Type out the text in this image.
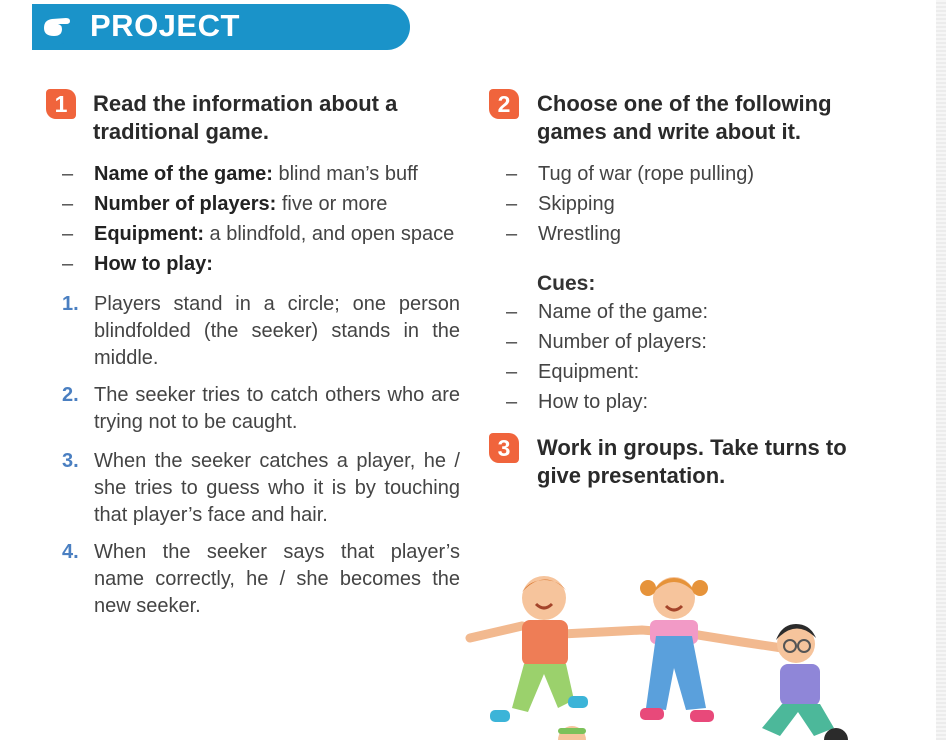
PROJECT
1	Read the information about a
traditional game.
– Name of the game: blind man’s buff
– Number of players: five or more
– Equipment: a blindfold, and open space
– How to play:
1. Players stand in a circle; one person blindfolded (the seeker) stands in the middle.
2. The seeker tries to catch others who are trying not to be caught.
3. When the seeker catches a player, he / she tries to guess who it is by touching that player’s face and hair.
4. When the seeker says that player’s name correctly, he / she becomes the new seeker.
2	Choose one of the following
games and write about it.
– Tug of war (rope pulling)
– Skipping
– Wrestling
Cues:
– Name of the game:
– Number of players:
– Equipment:
– How to play:
3	Work in groups. Take turns to
give presentation.
